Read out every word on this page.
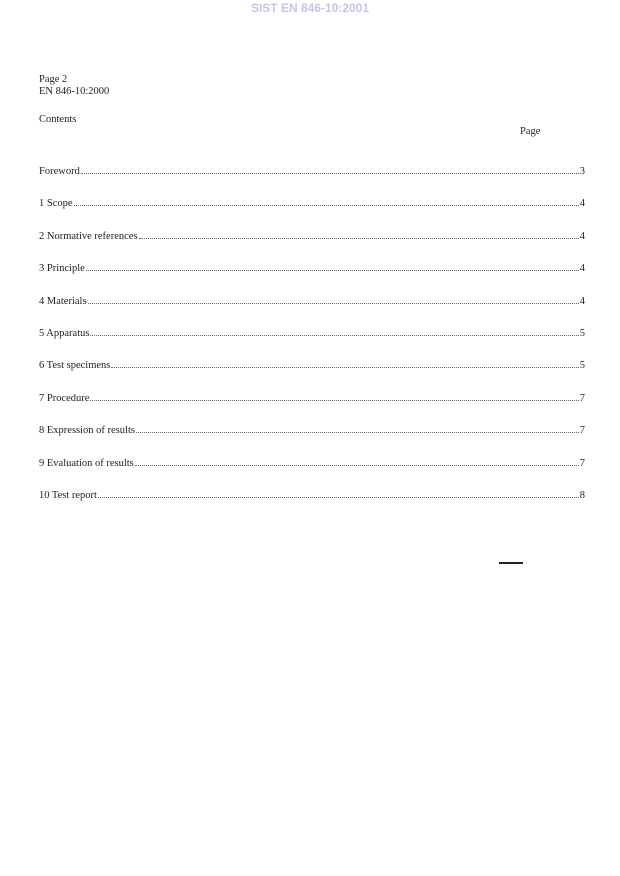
SIST EN 846-10:2001
Page 2
EN 846-10:2000
Contents
Page
Foreword	3
1 Scope	4
2 Normative references	4
3 Principle	4
4 Materials	4
5 Apparatus	5
6 Test specimens	5
7 Procedure	7
8 Expression of results	7
9 Evaluation of results	7
10 Test report	8
